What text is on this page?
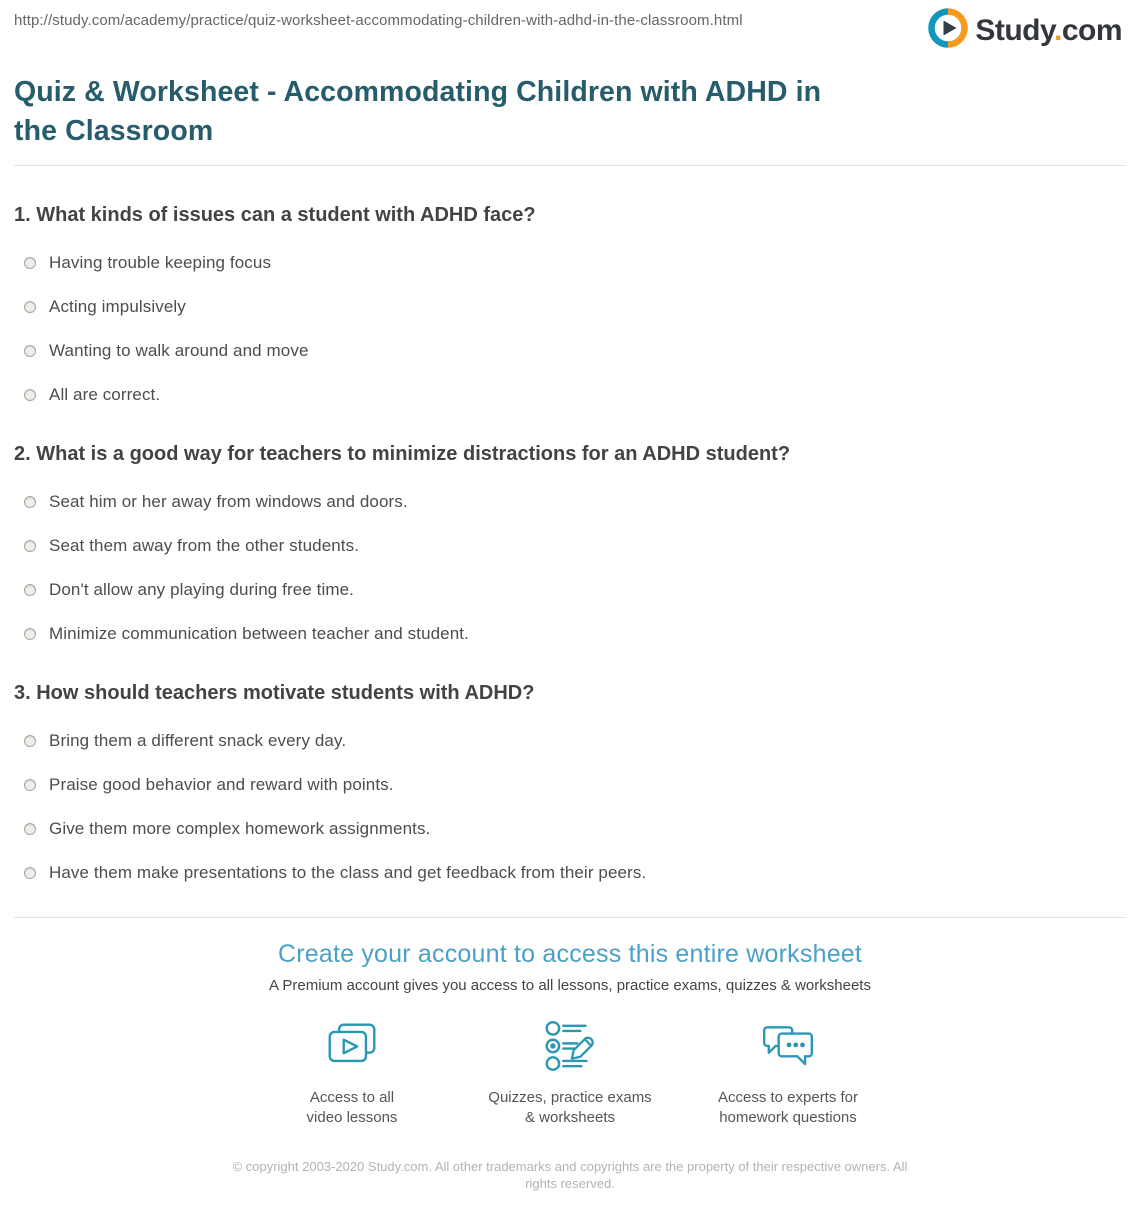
http://study.com/academy/practice/quiz-worksheet-accommodating-children-with-adhd-in-the-classroom.html	Study.com
Quiz & Worksheet - Accommodating Children with ADHD in the Classroom
1. What kinds of issues can a student with ADHD face?
Having trouble keeping focus
Acting impulsively
Wanting to walk around and move
All are correct.
2. What is a good way for teachers to minimize distractions for an ADHD student?
Seat him or her away from windows and doors.
Seat them away from the other students.
Don't allow any playing during free time.
Minimize communication between teacher and student.
3. How should teachers motivate students with ADHD?
Bring them a different snack every day.
Praise good behavior and reward with points.
Give them more complex homework assignments.
Have them make presentations to the class and get feedback from their peers.
Create your account to access this entire worksheet
A Premium account gives you access to all lessons, practice exams, quizzes & worksheets
Access to all
video lessons
Quizzes, practice exams
& worksheets
Access to experts for
homework questions
© copyright 2003-2020 Study.com. All other trademarks and copyrights are the property of their respective owners. All rights reserved.
